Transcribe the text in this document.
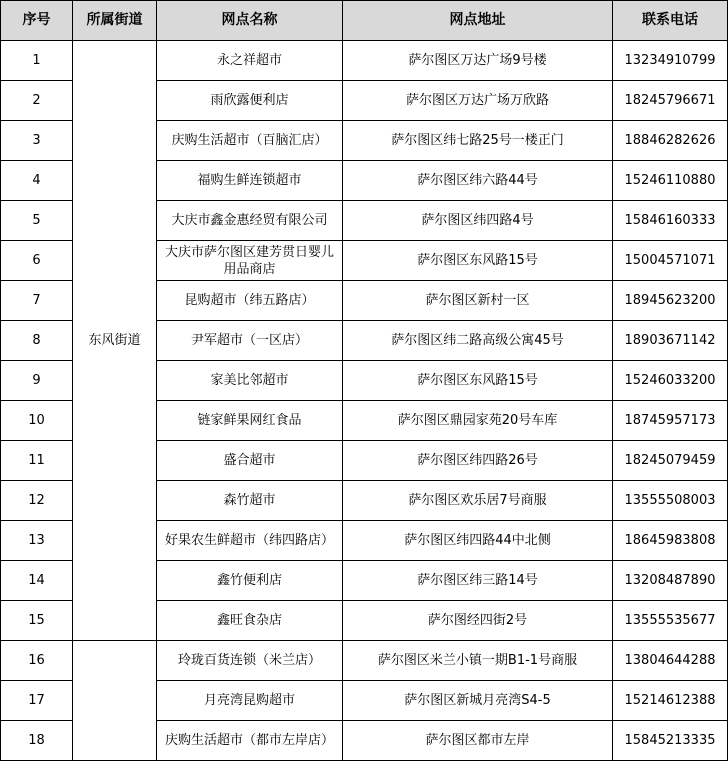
序号	所属街道	网点名称	网点地址	联系电话
1	东风街道	永之祥超市	萨尔图区万达广场9号楼	13234910799
2		雨欣露便利店	萨尔图区万达广场万欣路	18245796671
3		庆购生活超市（百脑汇店）	萨尔图区纬七路25号一楼正门	18846282626
4		福购生鲜连锁超市	萨尔图区纬六路44号	15246110880
5		大庆市鑫金惠经贸有限公司	萨尔图区纬四路4号	15846160333
6		大庆市萨尔图区建芳贯日婴儿用品商店	萨尔图区东风路15号	15004571071
7		昆购超市（纬五路店）	萨尔图区新村一区	18945623200
8		尹军超市（一区店）	萨尔图区纬二路高级公寓45号	18903671142
9		家美比邻超市	萨尔图区东风路15号	15246033200
10		链家鲜果网红食品	萨尔图区鼎园家苑20号车库	18745957173
11		盛合超市	萨尔图区纬四路26号	18245079459
12		森竹超市	萨尔图区欢乐居7号商服	13555508003
13		好果农生鲜超市（纬四路店）	萨尔图区纬四路44中北侧	18645983808
14		鑫竹便利店	萨尔图区纬三路14号	13208487890
15		鑫旺食杂店	萨尔图经四街2号	13555535677
16		玲珑百货连锁（米兰店）	萨尔图区米兰小镇一期B1-1号商服	13804644288
17		月亮湾昆购超市	萨尔图区新城月亮湾S4-5	15214612388
18		庆购生活超市（都市左岸店）	萨尔图区都市左岸	15845213335
